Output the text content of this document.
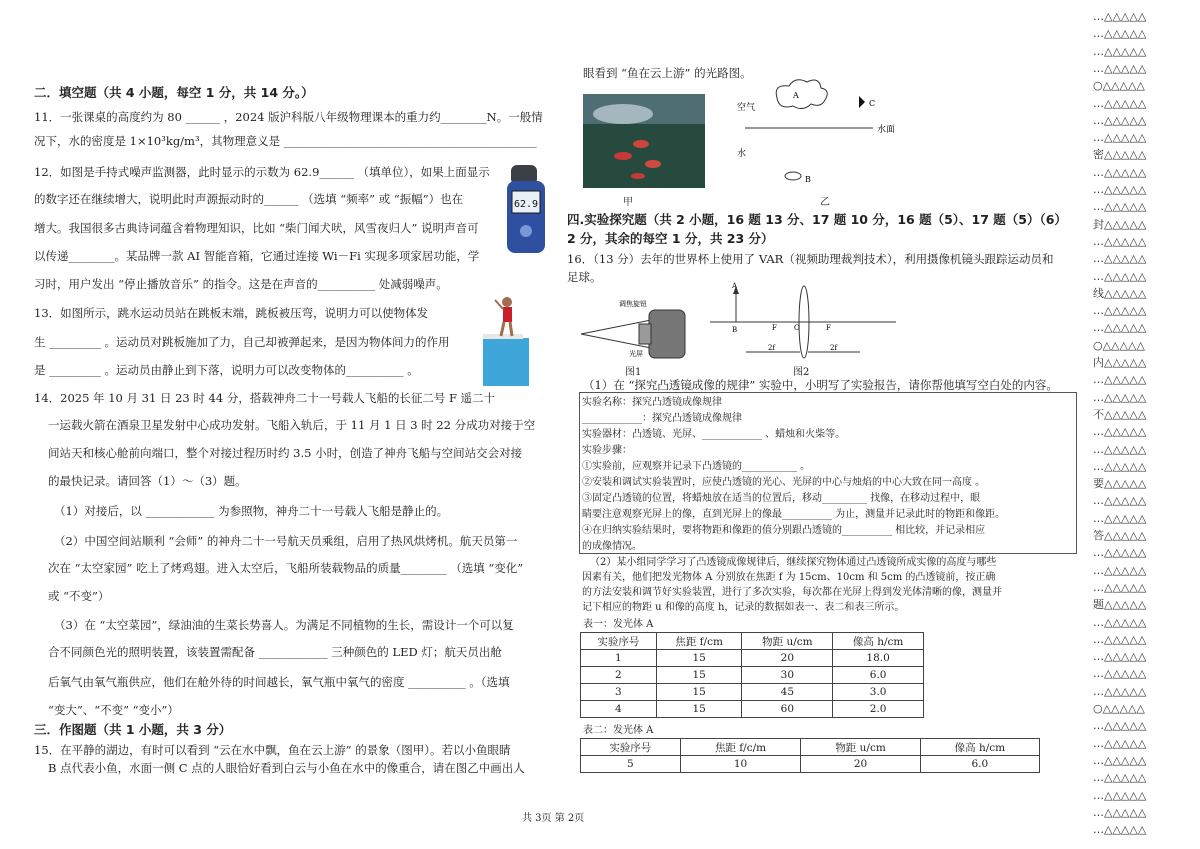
二．填空题（共 4 小题，每空 1 分，共 14 分。）
11．一张课桌的高度约为 80 ______ ，2024 版沪科版八年级物理课本的重力约________N。一般情
况下，水的密度是 1×10³kg/m³，其物理意义是 ____________________________________________
12．如图是手持式噪声监测器，此时显示的示数为 62.9______ （填单位），如果上面显示
的数字还在继续增大，说明此时声源振动时的______ （选填 “频率” 或 “振幅”）也在
增大。我国很多古典诗词蕴含着物理知识，比如 “柴门闻犬吠，风雪夜归人” 说明声音可
以传递________。某品牌一款 AI 智能音箱，它通过连接 Wi－Fi 实现多项家居功能，学
习时，用户发出 “停止播放音乐” 的指令。这是在声音的__________ 处减弱噪声。
13．如图所示，跳水运动员站在跳板末端，跳板被压弯，说明力可以使物体发
生 _________ 。运动员对跳板施加了力，自己却被弹起来，是因为物体间力的作用
是 _________ 。运动员由静止到下落，说明力可以改变物体的__________ 。
14．2025 年 10 月 31 日 23 时 44 分，搭载神舟二十一号载人飞船的长征二号 F 遥二十
一运载火箭在酒泉卫星发射中心成功发射。飞船入轨后，于 11 月 1 日 3 时 22 分成功对接于空
间站天和核心舱前向端口，整个对接过程历时约 3.5 小时，创造了神舟飞船与空间站交会对接
的最快记录。请回答（1）～（3）题。
（1）对接后，以 ____________ 为参照物，神舟二十一号载人飞船是静止的。
（2）中国空间站顺利 “会师” 的神舟二十一号航天员乘组，启用了热风烘烤机。航天员第一
次在 “太空家园” 吃上了烤鸡翅。进入太空后，飞船所装载物品的质量________ （选填 “变化”
或 “不变”）
（3）在 “太空菜园”，绿油油的生菜长势喜人。为满足不同植物的生长，需设计一个可以复
合不同颜色光的照明装置，该装置需配备 ____________ 三种颜色的 LED 灯；航天员出舱
后氧气由氧气瓶供应，他们在舱外待的时间越长，氧气瓶中氧气的密度 __________ 。（选填
“变大”、“不变” “变小”）
三．作图题（共 1 小题，共 3 分）
15．在平静的湖边，有时可以看到 “云在水中飘，鱼在云上游” 的景象（图甲）。若以小鱼眼睛
B 点代表小鱼，水面一侧 C 点的人眼恰好看到白云与小鱼在水中的像重合，请在图乙中画出人
62.9
眼看到 “鱼在云上游” 的光路图。
A
空气	C
水面
水
B
甲	乙
四.实验探究题（共 2 小题，16 题 13 分、17 题 10 分，16 题（5）、17 题（5）（6）
2 分，其余的每空 1 分，共 23 分）
16．（13 分）去年的世界杯上使用了 VAR（视频助理裁判技术），利用摄像机镜头跟踪运动员和
足球。
调焦旋钮
光屏
图1
A
B	F O	F
2f	2f
图2
（1）在 “探究凸透镜成像的规律” 实验中，小明写了实验报告，请你帮他填写空白处的内容。
实验名称：探究凸透镜成像规律
____________：探究凸透镜成像规律
实验器材：凸透镜、光屏、____________ 、蜡烛和火柴等。
实验步骤：
①实验前，应观察并记录下凸透镜的___________ 。
②安装和调试实验装置时，应使凸透镜的光心、光屏的中心与烛焰的中心大致在同一高度 。
③固定凸透镜的位置，将蜡烛放在适当的位置后，移动_________ 找像，在移动过程中，眼
睛要注意观察光屏上的像，直到光屏上的像最__________ 为止，测量并记录此时的物距和像距。
④在归纳实验结果时，要将物距和像距的值分别跟凸透镜的__________ 相比较，并记录相应
的成像情况。
（2）某小组同学学习了凸透镜成像规律后，继续探究物体通过凸透镜所成实像的高度与哪些
因素有关，他们把发光物体 A 分别放在焦距 f 为 15cm、10cm 和 5cm 的凸透镜前，按正确
的方法安装和调节好实验装置，进行了多次实验，每次都在光屏上得到发光体清晰的像，测量并
记下相应的物距 u 和像的高度 h，记录的数据如表一、表二和表三所示。
表一：发光体 A
实验序号	焦距 f/cm	物距 u/cm	像高 h/cm
1	15	20	18.0
2	15	30	6.0
3	15	45	3.0
4	15	60	2.0
表二：发光体 A
实验序号	焦距 f/c/m	物距 u/cm	像高 h/cm
5	10	20	6.0
共 3页 第 2页
…△△△△△
…△△△△△
…△△△△△
…△△△△△
○△△△△△
…△△△△△
…△△△△△
…△△△△△
密△△△△△
…△△△△△
…△△△△△
…△△△△△
封△△△△△
…△△△△△
…△△△△△
…△△△△△
线△△△△△
…△△△△△
…△△△△△
○△△△△△
内△△△△△
…△△△△△
…△△△△△
不△△△△△
…△△△△△
…△△△△△
…△△△△△
要△△△△△
…△△△△△
…△△△△△
答△△△△△
…△△△△△
…△△△△△
…△△△△△
题△△△△△
…△△△△△
…△△△△△
…△△△△△
…△△△△△
…△△△△△
○△△△△△
…△△△△△
…△△△△△
…△△△△△
…△△△△△
…△△△△△
…△△△△△
…△△△△△
